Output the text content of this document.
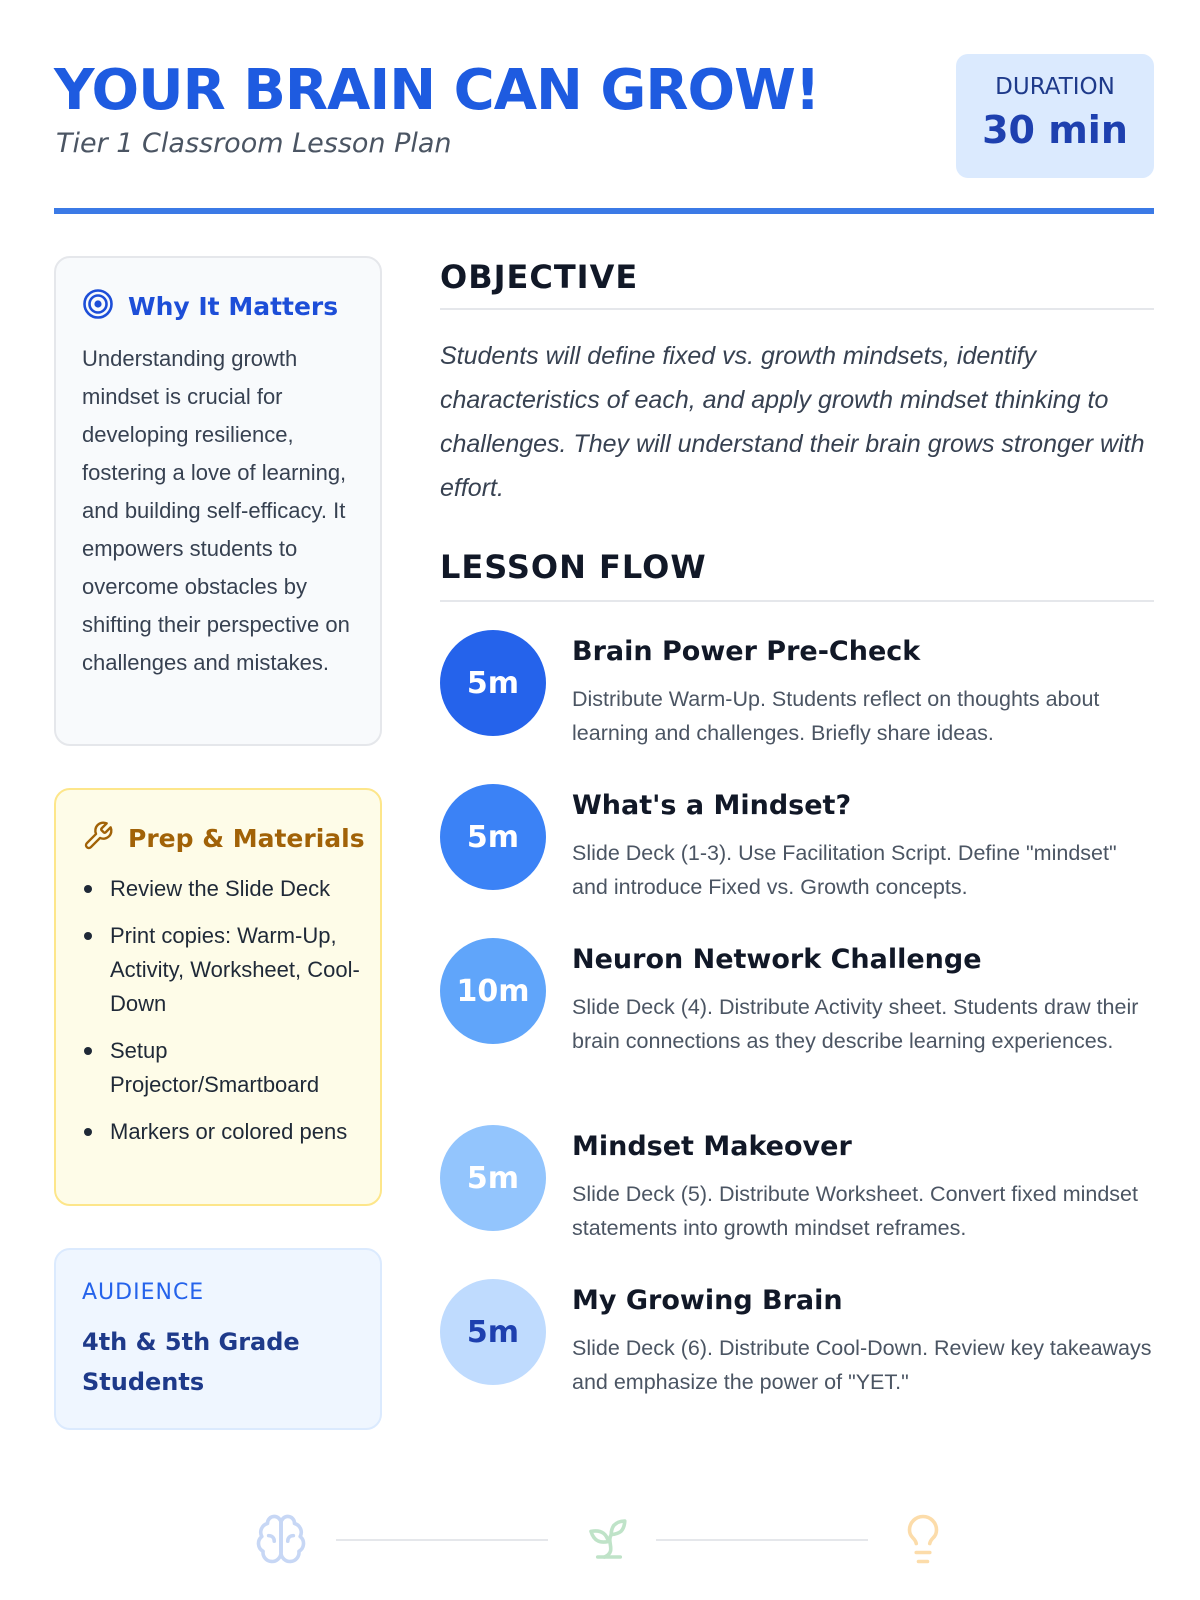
YOUR BRAIN CAN GROW!

Tier 1 Classroom Lesson Plan

DURATION
30 min
Why It Matters

Understanding growth mindset is crucial for developing resilience, fostering a love of learning, and building self-efficacy. It empowers students to overcome obstacles by shifting their perspective on challenges and mistakes.

Prep & Materials
Review the Slide Deck
Print copies: Warm-Up, Activity, Worksheet, Cool-Down
Setup Projector/Smartboard
Markers or colored pens
AUDIENCE
4th & 5th Grade Students
OBJECTIVE

Students will define fixed vs. growth mindsets, identify characteristics of each, and apply growth mindset thinking to challenges. They will understand their brain grows stronger with effort.

LESSON FLOW
5m
Brain Power Pre-Check

Distribute Warm-Up. Students reflect on thoughts about learning and challenges. Briefly share ideas.

5m
What's a Mindset?

Slide Deck (1-3). Use Facilitation Script. Define "mindset" and introduce Fixed vs. Growth concepts.

10m
Neuron Network Challenge

Slide Deck (4). Distribute Activity sheet. Students draw their brain connections as they describe learning experiences.

5m
Mindset Makeover

Slide Deck (5). Distribute Worksheet. Convert fixed mindset statements into growth mindset reframes.

5m
My Growing Brain

Slide Deck (6). Distribute Cool-Down. Review key takeaways and emphasize the power of "YET."
